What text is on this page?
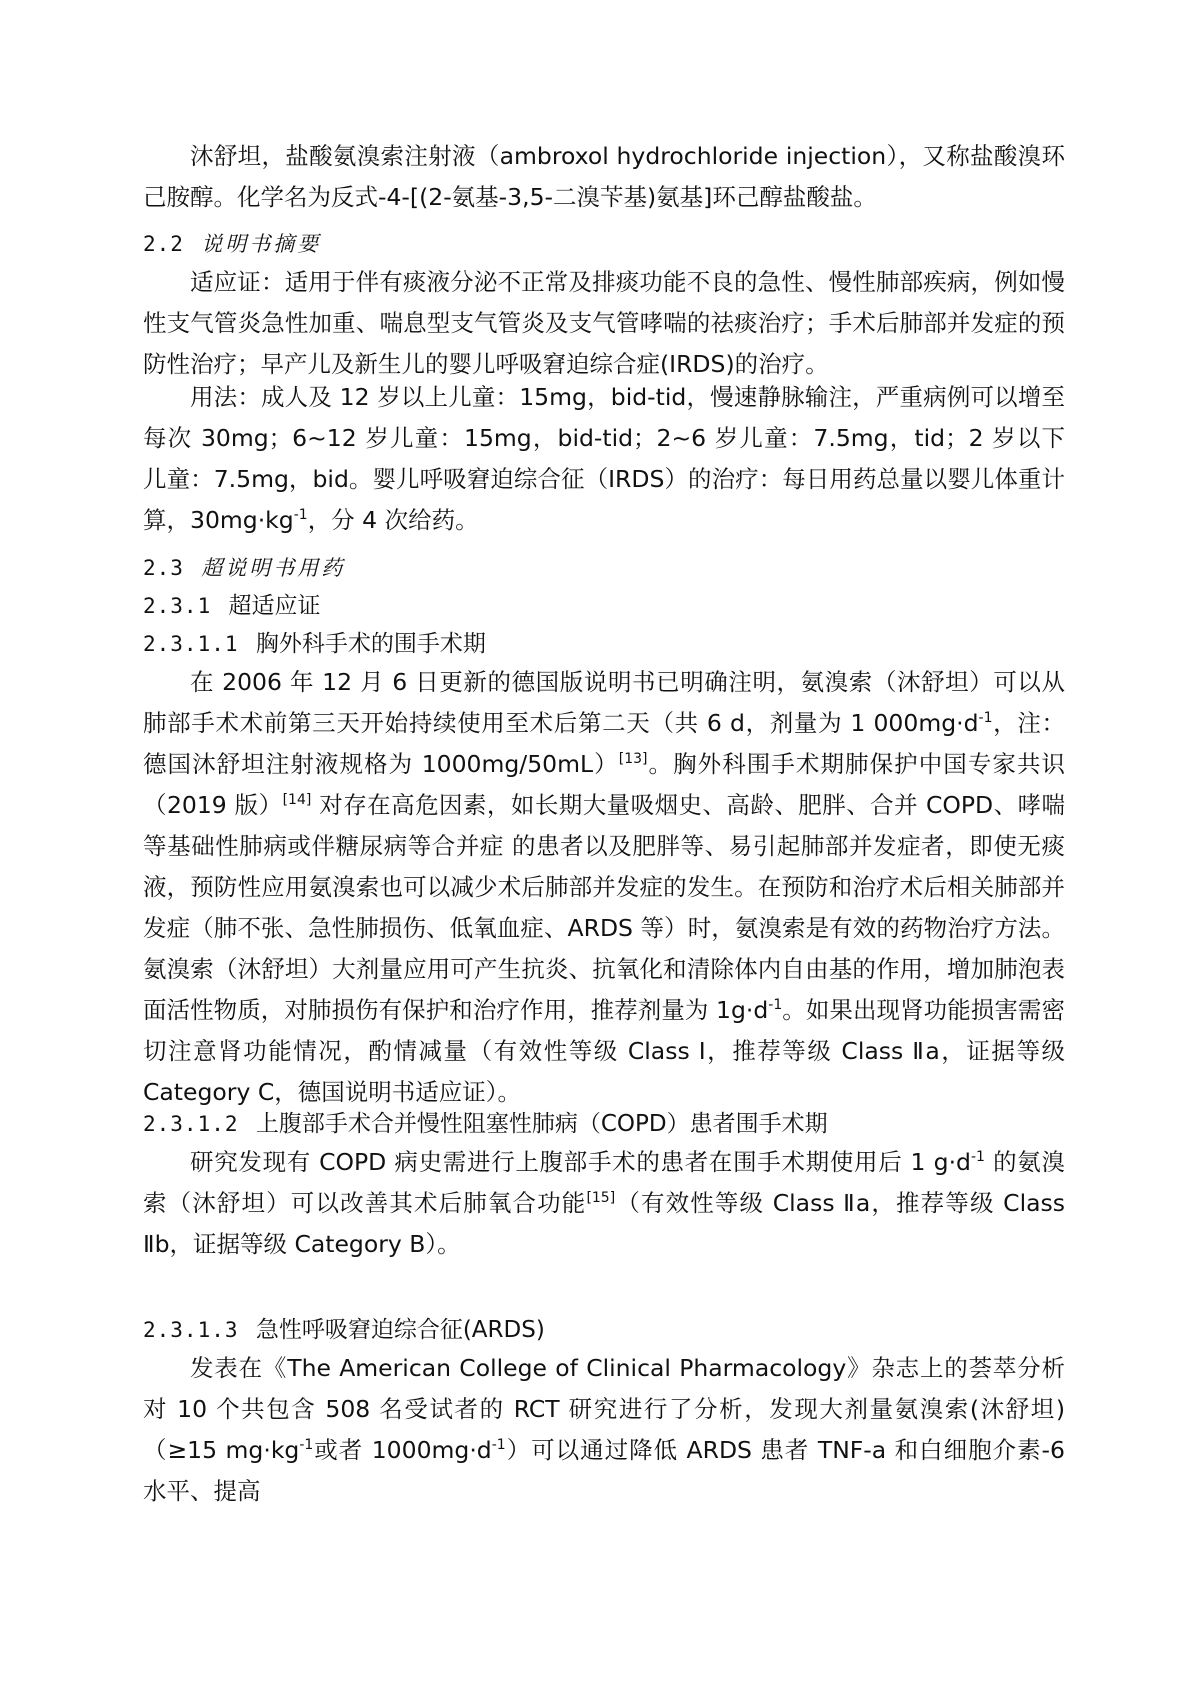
沐舒坦，盐酸氨溴索注射液（ambroxol hydrochloride injection），又称盐酸溴环己胺醇。化学名为反式-4-[(2-氨基-3,5-二溴苄基)氨基]环己醇盐酸盐。

2.2 说明书摘要

适应证：适用于伴有痰液分泌不正常及排痰功能不良的急性、慢性肺部疾病，例如慢性支气管炎急性加重、喘息型支气管炎及支气管哮喘的祛痰治疗；手术后肺部并发症的预防性治疗；早产儿及新生儿的婴儿呼吸窘迫综合症(IRDS)的治疗。

用法：成人及 12 岁以上儿童：15mg，bid-tid，慢速静脉输注，严重病例可以增至每次 30mg；6~12 岁儿童：15mg，bid-tid；2~6 岁儿童：7.5mg，tid；2 岁以下儿童：7.5mg，bid。婴儿呼吸窘迫综合征（IRDS）的治疗：每日用药总量以婴儿体重计算，$30mg\cdot kg^{-1}$，分 4 次给药。

2.3 超说明书用药
2.3.1 超适应证
2.3.1.1 胸外科手术的围手术期

在 2006 年 12 月 6 日更新的德国版说明书已明确注明，氨溴索（沐舒坦）可以从肺部手术术前第三天开始持续使用至术后第二天（共 6 d，剂量为 1 $000mg\cdot d^{-1}$，注：德国沐舒坦注射液规格为 1000mg/50mL）[13]。胸外科围手术期肺保护中国专家共识（2019 版）[14] 对存在高危因素，如长期大量吸烟史、高龄、肥胖、合并 COPD、哮喘等基础性肺病或伴糖尿病等合并症 的患者以及肥胖等、易引起肺部并发症者，即使无痰液，预防性应用氨溴索也可以减少术后肺部并发症的发生。在预防和治疗术后相关肺部并发症（肺不张、急性肺损伤、低氧血症、ARDS 等）时，氨溴索是有效的药物治疗方法。氨溴索（沐舒坦）大剂量应用可产生抗炎、抗氧化和清除体内自由基的作用，增加肺泡表面活性物质，对肺损伤有保护和治疗作用，推荐剂量为 $1g\cdot d^{-1}$。如果出现肾功能损害需密切注意肾功能情况，酌情减量（有效性等级 Class Ⅰ，推荐等级 Class Ⅱa，证据等级 Category C，德国说明书适应证）。

2.3.1.2 上腹部手术合并慢性阻塞性肺病（COPD）患者围手术期

研究发现有 COPD 病史需进行上腹部手术的患者在围手术期使用后 1 $g\cdot d^{-1}$ 的氨溴索（沐舒坦）可以改善其术后肺氧合功能[15]（有效性等级 Class Ⅱa，推荐等级 Class Ⅱb，证据等级 Category B）。

2.3.1.3 急性呼吸窘迫综合征(ARDS)

发表在《The American College of Clinical Pharmacology》杂志上的荟萃分析对 10 个共包含 508 名受试者的 RCT 研究进行了分析，发现大剂量氨溴索(沐舒坦)（≥15 $mg\cdot kg^{-1}$或者 $1000mg\cdot d^{-1}$）可以通过降低 ARDS 患者 TNF-a 和白细胞介素-6 水平、提高
